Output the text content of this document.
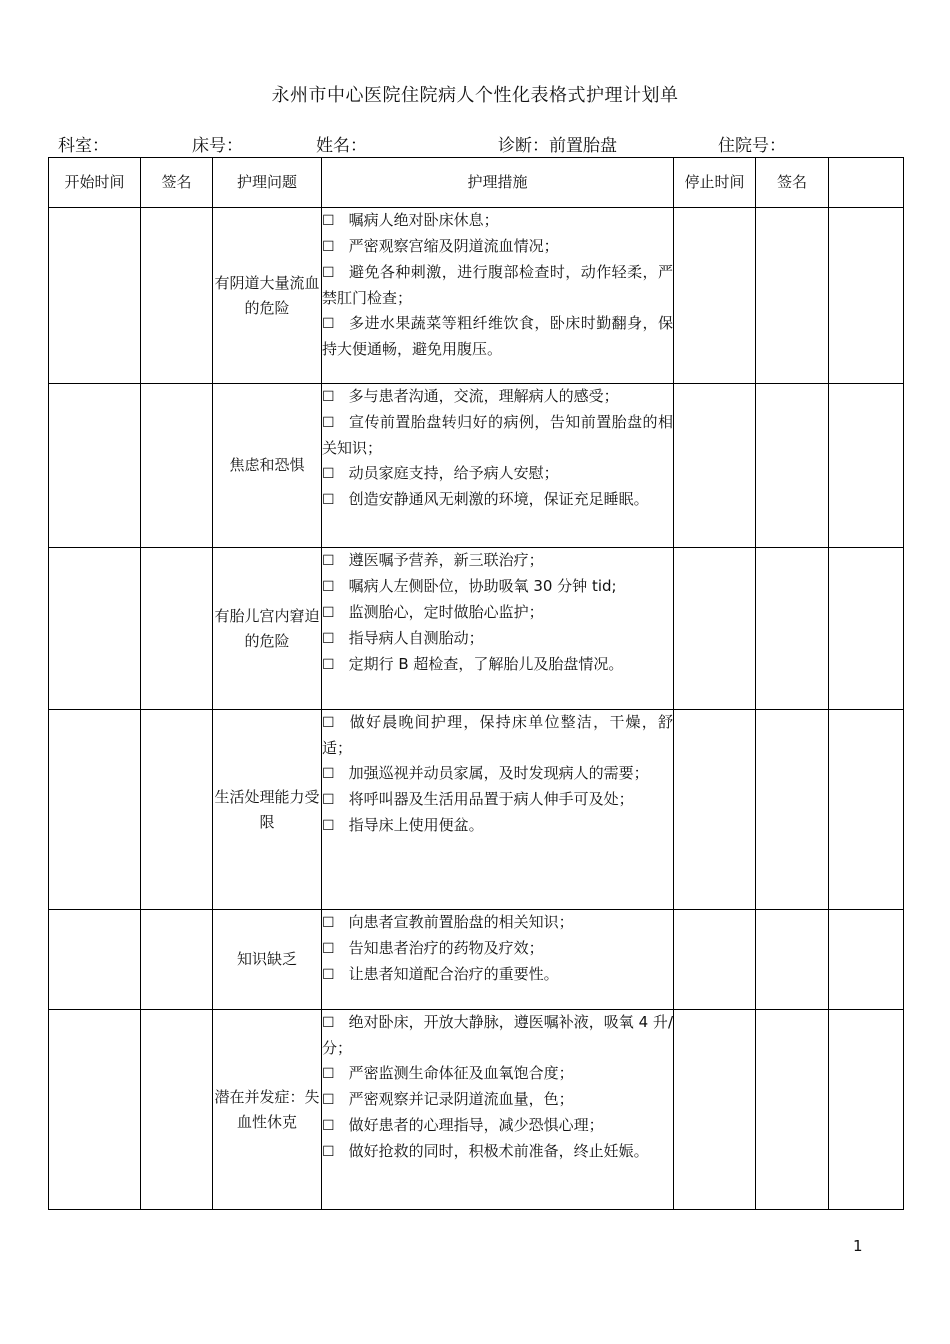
永州市中心医院住院病人个性化表格式护理计划单
科室：	床号：	姓名：	诊断：前置胎盘	住院号：
开始时间	签名	护理问题	护理措施	停止时间	签名	
		有阴道大量流血的危险	☐ 嘱病人绝对卧床休息；
☐ 严密观察宫缩及阴道流血情况；
☐ 避免各种刺激，进行腹部检查时，动作轻柔，严禁肛门检查；
☐ 多进水果蔬菜等粗纤维饮食，卧床时勤翻身，保持大便通畅，避免用腹压。			

		焦虑和恐惧	☐ 多与患者沟通，交流，理解病人的感受；
☐ 宣传前置胎盘转归好的病例，告知前置胎盘的相关知识；
☐ 动员家庭支持，给予病人安慰；
☐ 创造安静通风无刺激的环境，保证充足睡眠。			

		有胎儿宫内窘迫的危险	☐ 遵医嘱予营养，新三联治疗；
☐ 嘱病人左侧卧位，协助吸氧 30 分钟 tid;
☐ 监测胎心，定时做胎心监护；
☐ 指导病人自测胎动；
☐ 定期行 B 超检查，了解胎儿及胎盘情况。			

		生活处理能力受限	☐ 做好晨晚间护理，保持床单位整洁，干燥，舒适；
☐ 加强巡视并动员家属，及时发现病人的需要；
☐ 将呼叫器及生活用品置于病人伸手可及处；
☐ 指导床上使用便盆。			

		知识缺乏	☐ 向患者宣教前置胎盘的相关知识；
☐ 告知患者治疗的药物及疗效；
☐ 让患者知道配合治疗的重要性。			

		潜在并发症：失血性休克	☐ 绝对卧床，开放大静脉，遵医嘱补液，吸氧 4 升/分；
☐ 严密监测生命体征及血氧饱合度；
☐ 严密观察并记录阴道流血量，色；
☐ 做好患者的心理指导，减少恐惧心理；
☐ 做好抢救的同时，积极术前准备，终止妊娠。			

1
